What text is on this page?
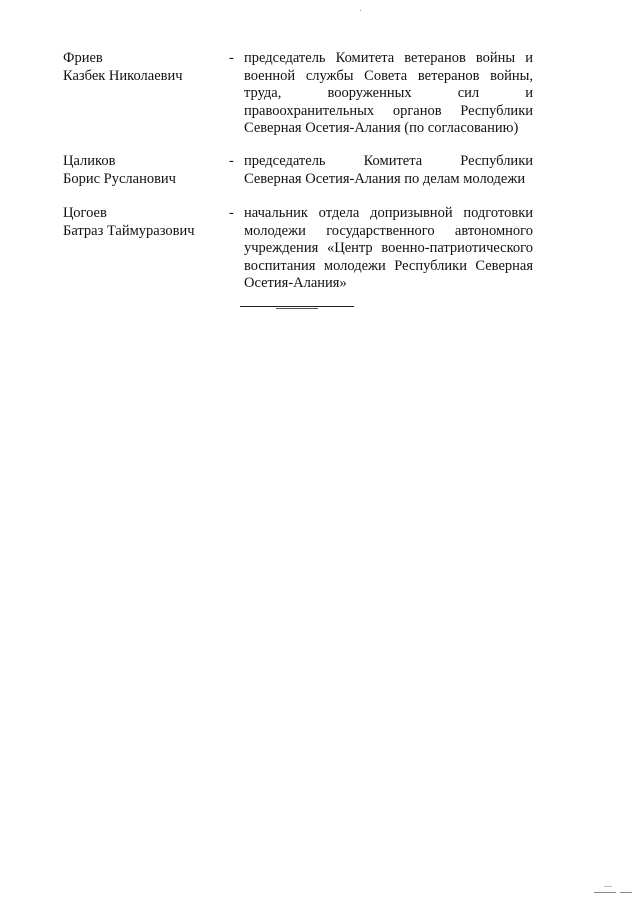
Фриев
Казбек Николаевич
- председатель Комитета ветеранов войны и
военной службы Совета ветеранов войны,
труда, вооруженных сил и
правоохранительных органов Республики
Северная Осетия-Алания (по согласованию)
Цаликов
Борис Русланович
- председатель Комитета Республики
Северная Осетия-Алания по делам молодежи
Цогоев
Батраз Таймуразович
- начальник отдела допризывной подготовки
молодежи государственного автономного
учреждения «Центр военно-патриотического
воспитания молодежи Республики Северная
Осетия-Алания»
